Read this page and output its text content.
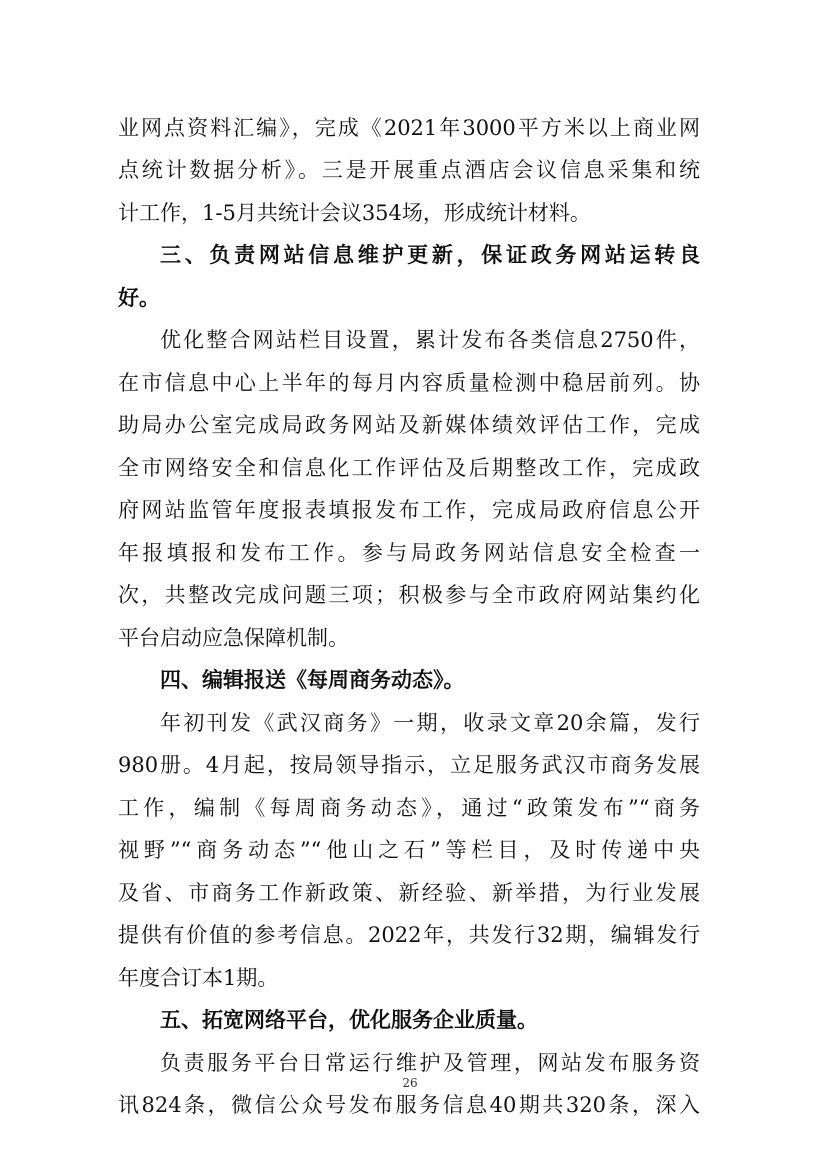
业网点资料汇编》，完成《2021年3000平方米以上商业网
点统计数据分析》。三是开展重点酒店会议信息采集和统
计工作，1-5月共统计会议354场，形成统计材料。
三、负责网站信息维护更新，保证政务网站运转良
好。
优化整合网站栏目设置，累计发布各类信息2750件，
在市信息中心上半年的每月内容质量检测中稳居前列。协
助局办公室完成局政务网站及新媒体绩效评估工作，完成
全市网络安全和信息化工作评估及后期整改工作，完成政
府网站监管年度报表填报发布工作，完成局政府信息公开
年报填报和发布工作。参与局政务网站信息安全检查一
次，共整改完成问题三项；积极参与全市政府网站集约化
平台启动应急保障机制。
四、编辑报送《每周商务动态》。
年初刊发《武汉商务》一期，收录文章20余篇，发行
980册。4月起，按局领导指示，立足服务武汉市商务发展
工作，编制《每周商务动态》，通过“政策发布”“商务
视野”“商务动态”“他山之石”等栏目，及时传递中央
及省、市商务工作新政策、新经验、新举措，为行业发展
提供有价值的参考信息。2022年，共发行32期，编辑发行
年度合订本1期。
五、拓宽网络平台，优化服务企业质量。
负责服务平台日常运行维护及管理，网站发布服务资
讯824条，微信公众号发布服务信息40期共320条，深入
26
